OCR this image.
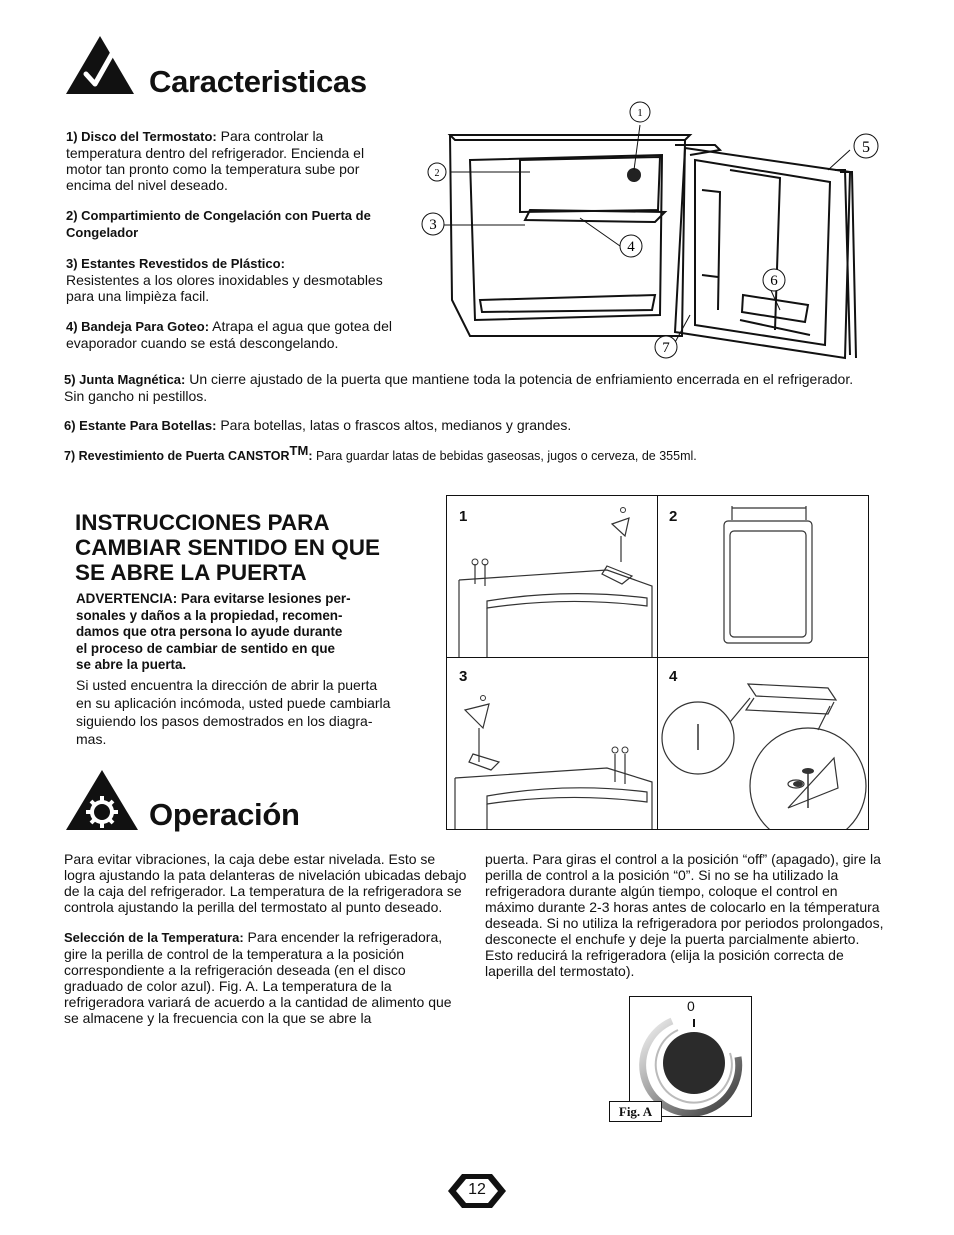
Caracteristicas

1) Disco del Termostato: Para controlar la temperatura dentro del refrigerador. Encienda el motor tan pronto como la temperatura sube por encima del nivel deseado.

2) Compartimiento de Congelación con Puerta de Congelador

3) Estantes Revestidos de Plástico:
Resistentes a los olores inoxidables y desmotables para una limpièza facil.

4) Bandeja Para Goteo: Atrapa el agua que gotea del evaporador cuando se está descongelando.

1
2
3
4
5
6
7
5) Junta Magnética: Un cierre ajustado de la puerta que mantiene toda la potencia de enfriamiento encerrada en el refrigerador. Sin gancho ni pestillos.
6) Estante Para Botellas: Para botellas, latas o frascos altos, medianos y grandes.
7) Revestimiento de Puerta CANSTOR™: Para guardar latas de bebidas gaseosas, jugos o cerveza, de 355ml.
INSTRUCCIONES PARA
CAMBIAR SENTIDO EN QUE
SE ABRE LA PUERTA
ADVERTENCIA: Para evitarse lesiones per-
sonales y daños a la propiedad, recomen-
damos que otra persona lo ayude durante
el proceso de cambiar de sentido en que
se abre la puerta.
Si usted encuentra la dirección de abrir la puerta
en su aplicación incómoda, usted puede cambiarla
siguiendo los pasos demostrados en los diagra-
mas.
1	2
3	4
Operación

Para evitar vibraciones, la caja debe estar nivelada. Esto se logra ajustando la pata delanteras de nivelación ubicadas debajo de la caja del refrigerador. La temperatura de la refrigeradora se controla ajustando la perilla del termostato al punto deseado.

Selección de la Temperatura: Para encender la refrigeradora, gire la perilla de control de la temperatura a la posición correspondiente a la refrigeración deseada (en el disco graduado de color azul). Fig. A. La temperatura de la refrigeradora variará de acuerdo a la cantidad de alimento que se almacene y la frecuencia con la que se abre la

puerta. Para giras el control a la posición “off” (apagado), gire la perilla de control a la posición “0”. Si no se ha utilizado la refrigeradora durante algún tiempo, coloque el control en máximo durante 2-3 horas antes de colocarlo en la témperatura deseada. Si no utiliza la refrigeradora por periodos prolongados, desconecte el enchufe y deje la puerta parcialmente abierto. Esto reducirá la refrigeradora (elija la posición correcta de laperilla del termostato).

0
Fig. A
12
